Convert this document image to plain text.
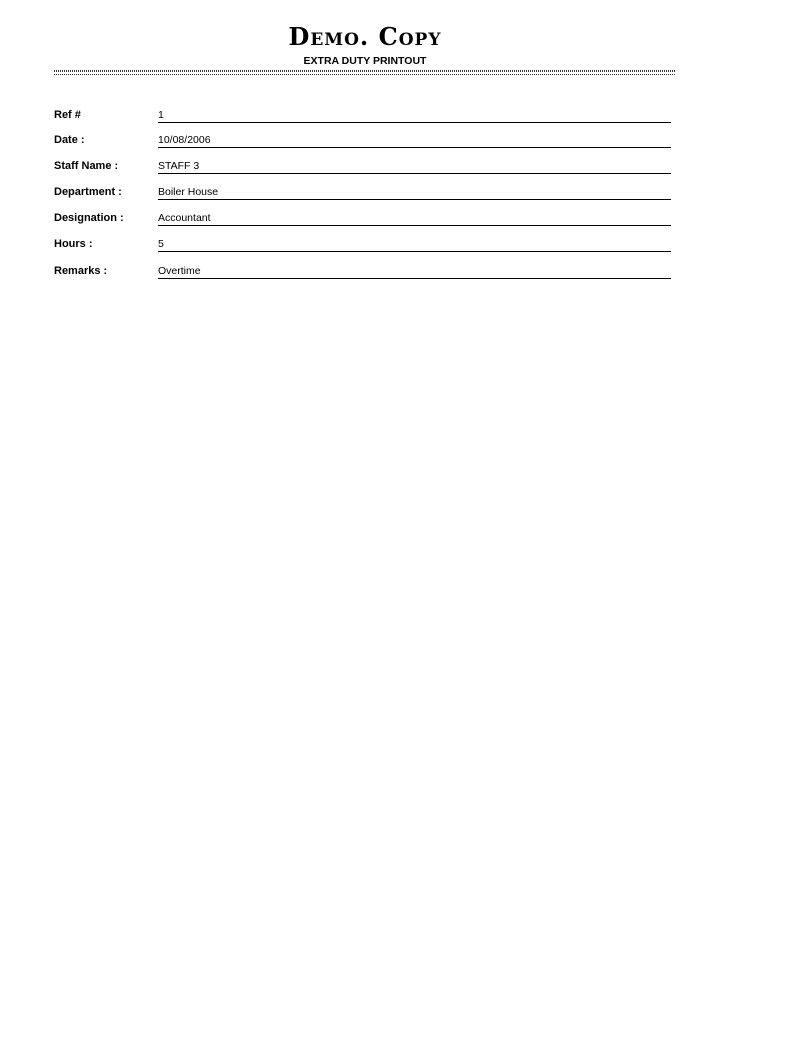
Demo. Copy
EXTRA DUTY PRINTOUT
Ref #	1
Date :	10/08/2006
Staff Name :	STAFF 3
Department :	Boiler House
Designation :	Accountant
Hours :	5
Remarks :	Overtime
